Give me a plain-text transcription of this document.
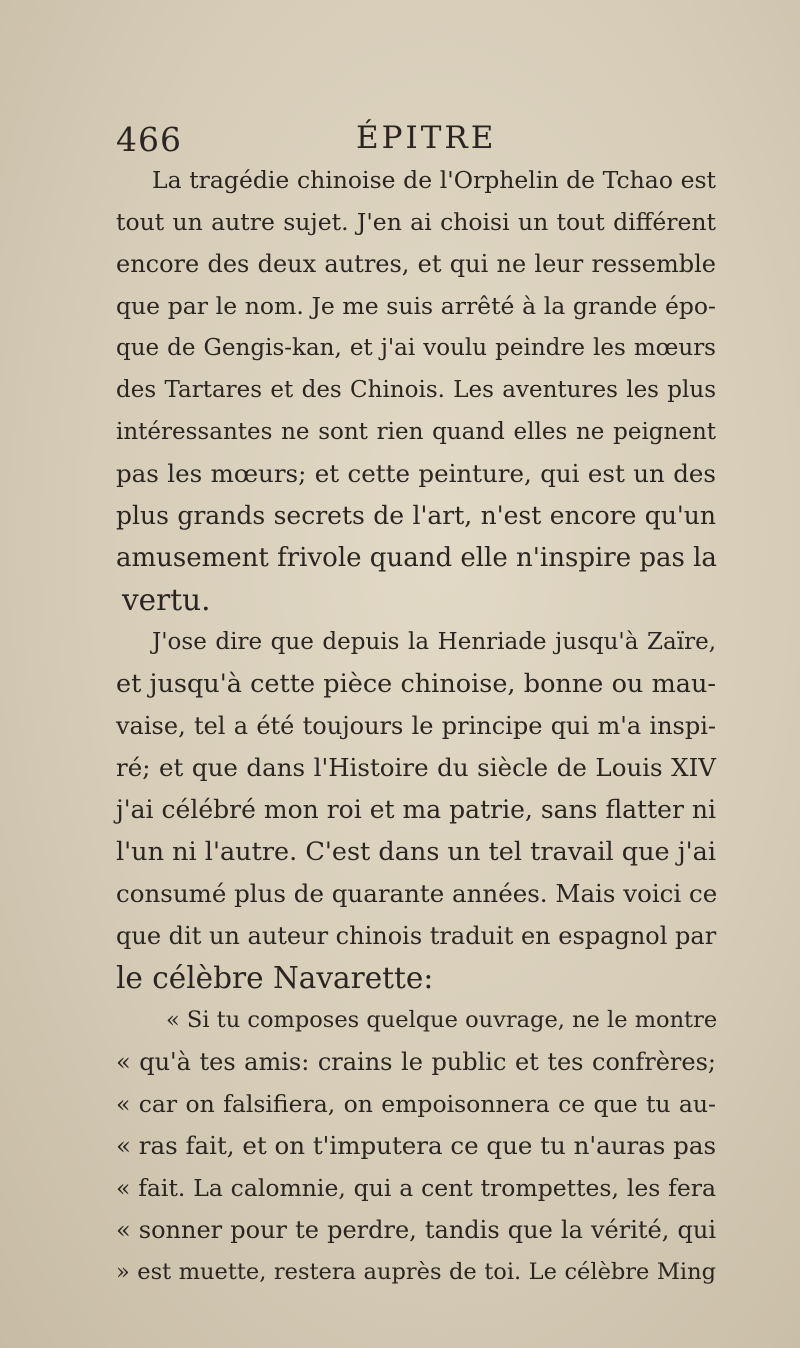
466	ÉPITRE
La tragédie chinoise de l'Orphelin de Tchao est
tout un autre sujet. J'en ai choisi un tout différent
encore des deux autres, et qui ne leur ressemble
que par le nom. Je me suis arrêté à la grande épo-
que de Gengis-kan, et j'ai voulu peindre les mœurs
des Tartares et des Chinois. Les aventures les plus
intéressantes ne sont rien quand elles ne peignent
pas les mœurs; et cette peinture, qui est un des
plus grands secrets de l'art, n'est encore qu'un
amusement frivole quand elle n'inspire pas la
vertu.
J'ose dire que depuis la Henriade jusqu'à Zaïre,
et jusqu'à cette pièce chinoise, bonne ou mau-
vaise, tel a été toujours le principe qui m'a inspi-
ré; et que dans l'Histoire du siècle de Louis XIV
j'ai célébré mon roi et ma patrie, sans flatter ni
l'un ni l'autre. C'est dans un tel travail que j'ai
consumé plus de quarante années. Mais voici ce
que dit un auteur chinois traduit en espagnol par
le célèbre Navarette:
« Si tu composes quelque ouvrage, ne le montre
« qu'à tes amis: crains le public et tes confrères;
« car on falsifiera, on empoisonnera ce que tu au-
« ras fait, et on t'imputera ce que tu n'auras pas
« fait. La calomnie, qui a cent trompettes, les fera
« sonner pour te perdre, tandis que la vérité, qui
» est muette, restera auprès de toi. Le célèbre Ming
